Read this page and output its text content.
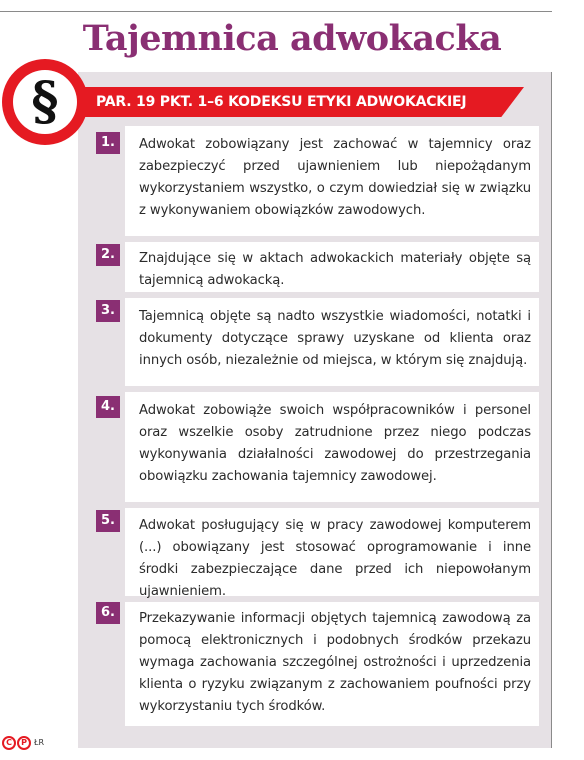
Tajemnica adwokacka
PAR. 19 PKT. 1–6 KODEKSU ETYKI ADWOKACKIEJ
§
1.	Adwokat zobowiązany jest zachować w tajemnicy oraz zabezpieczyć przed ujawnieniem lub niepożądanym wykorzystaniem wszystko, o czym dowiedział się w związku z wykonywaniem obowiązków zawodowych.
2.	Znajdujące się w aktach adwokackich materiały objęte są tajemnicą adwokacką.
3.	Tajemnicą objęte są nadto wszystkie wiadomości, notatki i dokumenty dotyczące sprawy uzyskane od klienta oraz innych osób, niezależnie od miejsca, w którym się znajdują.
4.	Adwokat zobowiąże swoich współpracowników i personel oraz wszelkie osoby zatrudnione przez niego podczas wykonywania działalności zawodowej do przestrzegania obowiązku zachowania tajemnicy zawodowej.
5.	Adwokat posługujący się w pracy zawodowej komputerem (...) obowiązany jest stosować oprogramowanie i inne środki zabezpieczające dane przed ich niepowołanym ujawnieniem.
6.	Przekazywanie informacji objętych tajemnicą zawodową za pomocą elektronicznych i podobnych środków przekazu wymaga zachowania szczególnej ostrożności i uprzedzenia klienta o ryzyku związanym z zachowaniem poufności przy wykorzystaniu tych środków.
C	P ŁR
